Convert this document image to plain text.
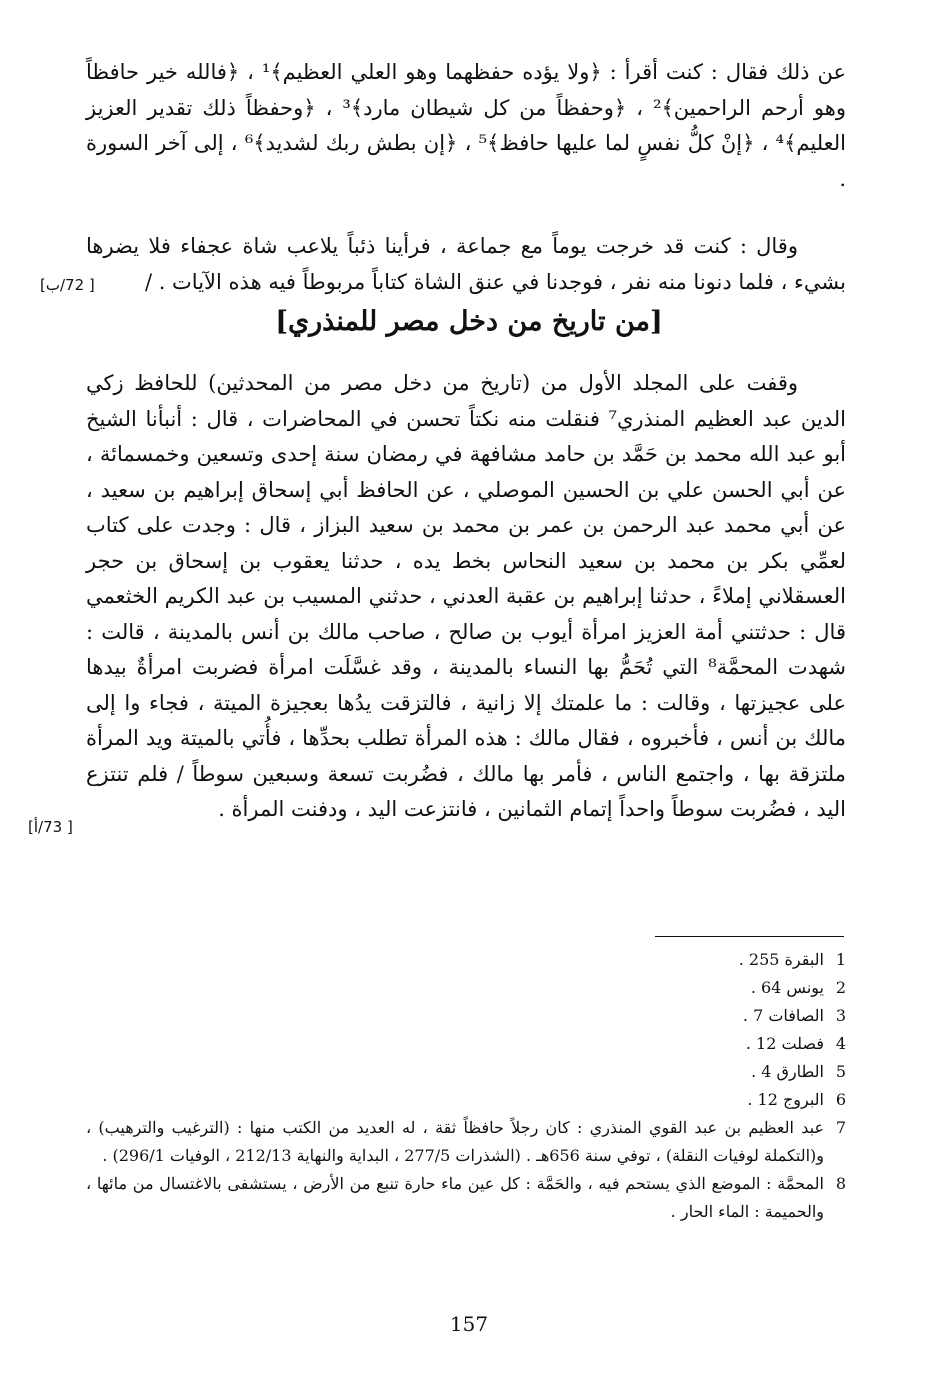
عن ذلك فقال : كنت أقرأ : ﴿ولا يؤده حفظهما وهو العلي العظيم﴾¹ ، ﴿فالله خير حافظاً وهو أرحم الراحمين﴾² ، ﴿وحفظاً من كل شيطان مارد﴾³ ، ﴿وحفظاً ذلك تقدير العزيز العليم﴾⁴ ، ﴿إنْ كلُّ نفسٍ لما عليها حافظ﴾⁵ ، ﴿إن بطش ربك لشديد﴾⁶ ، إلى آخر السورة .

وقال : كنت قد خرجت يوماً مع جماعة ، فرأينا ذئباً يلاعب شاة عجفاء فلا يضرها بشيء ، فلما دنونا منه نفر ، فوجدنا في عنق الشاة كتاباً مربوطاً فيه هذه الآيات . /

[ 72/ب]
[من تاريخ من دخل مصر للمنذري]

وقفت على المجلد الأول من (تاريخ من دخل مصر من المحدثين) للحافظ زكي الدين عبد العظيم المنذري⁷ فنقلت منه نكتاً تحسن في المحاضرات ، قال : أنبأنا الشيخ أبو عبد الله محمد بن حَمَّد بن حامد مشافهة في رمضان سنة إحدى وتسعين وخمسمائة ، عن أبي الحسن علي بن الحسين الموصلي ، عن الحافظ أبي إسحاق إبراهيم بن سعيد ، عن أبي محمد عبد الرحمن بن عمر بن محمد بن سعيد البزاز ، قال : وجدت على كتاب لعمِّي بكر بن محمد بن سعيد النحاس بخط يده ، حدثنا يعقوب بن إسحاق بن حجر العسقلاني إملاءً ، حدثنا إبراهيم بن عقبة العدني ، حدثني المسيب بن عبد الكريم الخثعمي قال : حدثتني أمة العزيز امرأة أيوب بن صالح ، صاحب مالك بن أنس بالمدينة ، قالت : شهدت المحمَّة⁸ التي تُحَمُّ بها النساء بالمدينة ، وقد غسَّلَت امرأة فضربت امرأةٌ بيدها على عجيزتها ، وقالت : ما علمتك إلا زانية ، فالتزقت يدُها بعجيزة الميتة ، فجاء وا إلى مالك بن أنس ، فأخبروه ، فقال مالك : هذه المرأة تطلب بحدِّها ، فأُتي بالميتة ويد المرأة ملتزقة بها ، واجتمع الناس ، فأمر بها مالك ، فضُربت تسعة وسبعين سوطاً / فلم تنتزع اليد ، فضُربت سوطاً واحداً إتمام الثمانين ، فانتزعت اليد ، ودفنت المرأة .

[ 73/أ]
1
البقرة 255 .
2
يونس 64 .
3
الصافات 7 .
4
فصلت 12 .
5
الطارق 4 .
6
البروج 12 .
7
عبد العظيم بن عبد القوي المنذري : كان رجلاً حافظاً ثقة ، له العديد من الكتب منها : (الترغيب والترهيب) ، و(التكملة لوفيات النقلة) ، توفي سنة 656هـ . (الشذرات 277/5 ، البداية والنهاية 212/13 ، الوفيات 296/1) .
8
المحمَّة : الموضع الذي يستحم فيه ، والحَمَّة : كل عين ماء حارة تنبع من الأرض ، يستشفى بالاغتسال من مائها ، والحميمة : الماء الحار .
157
